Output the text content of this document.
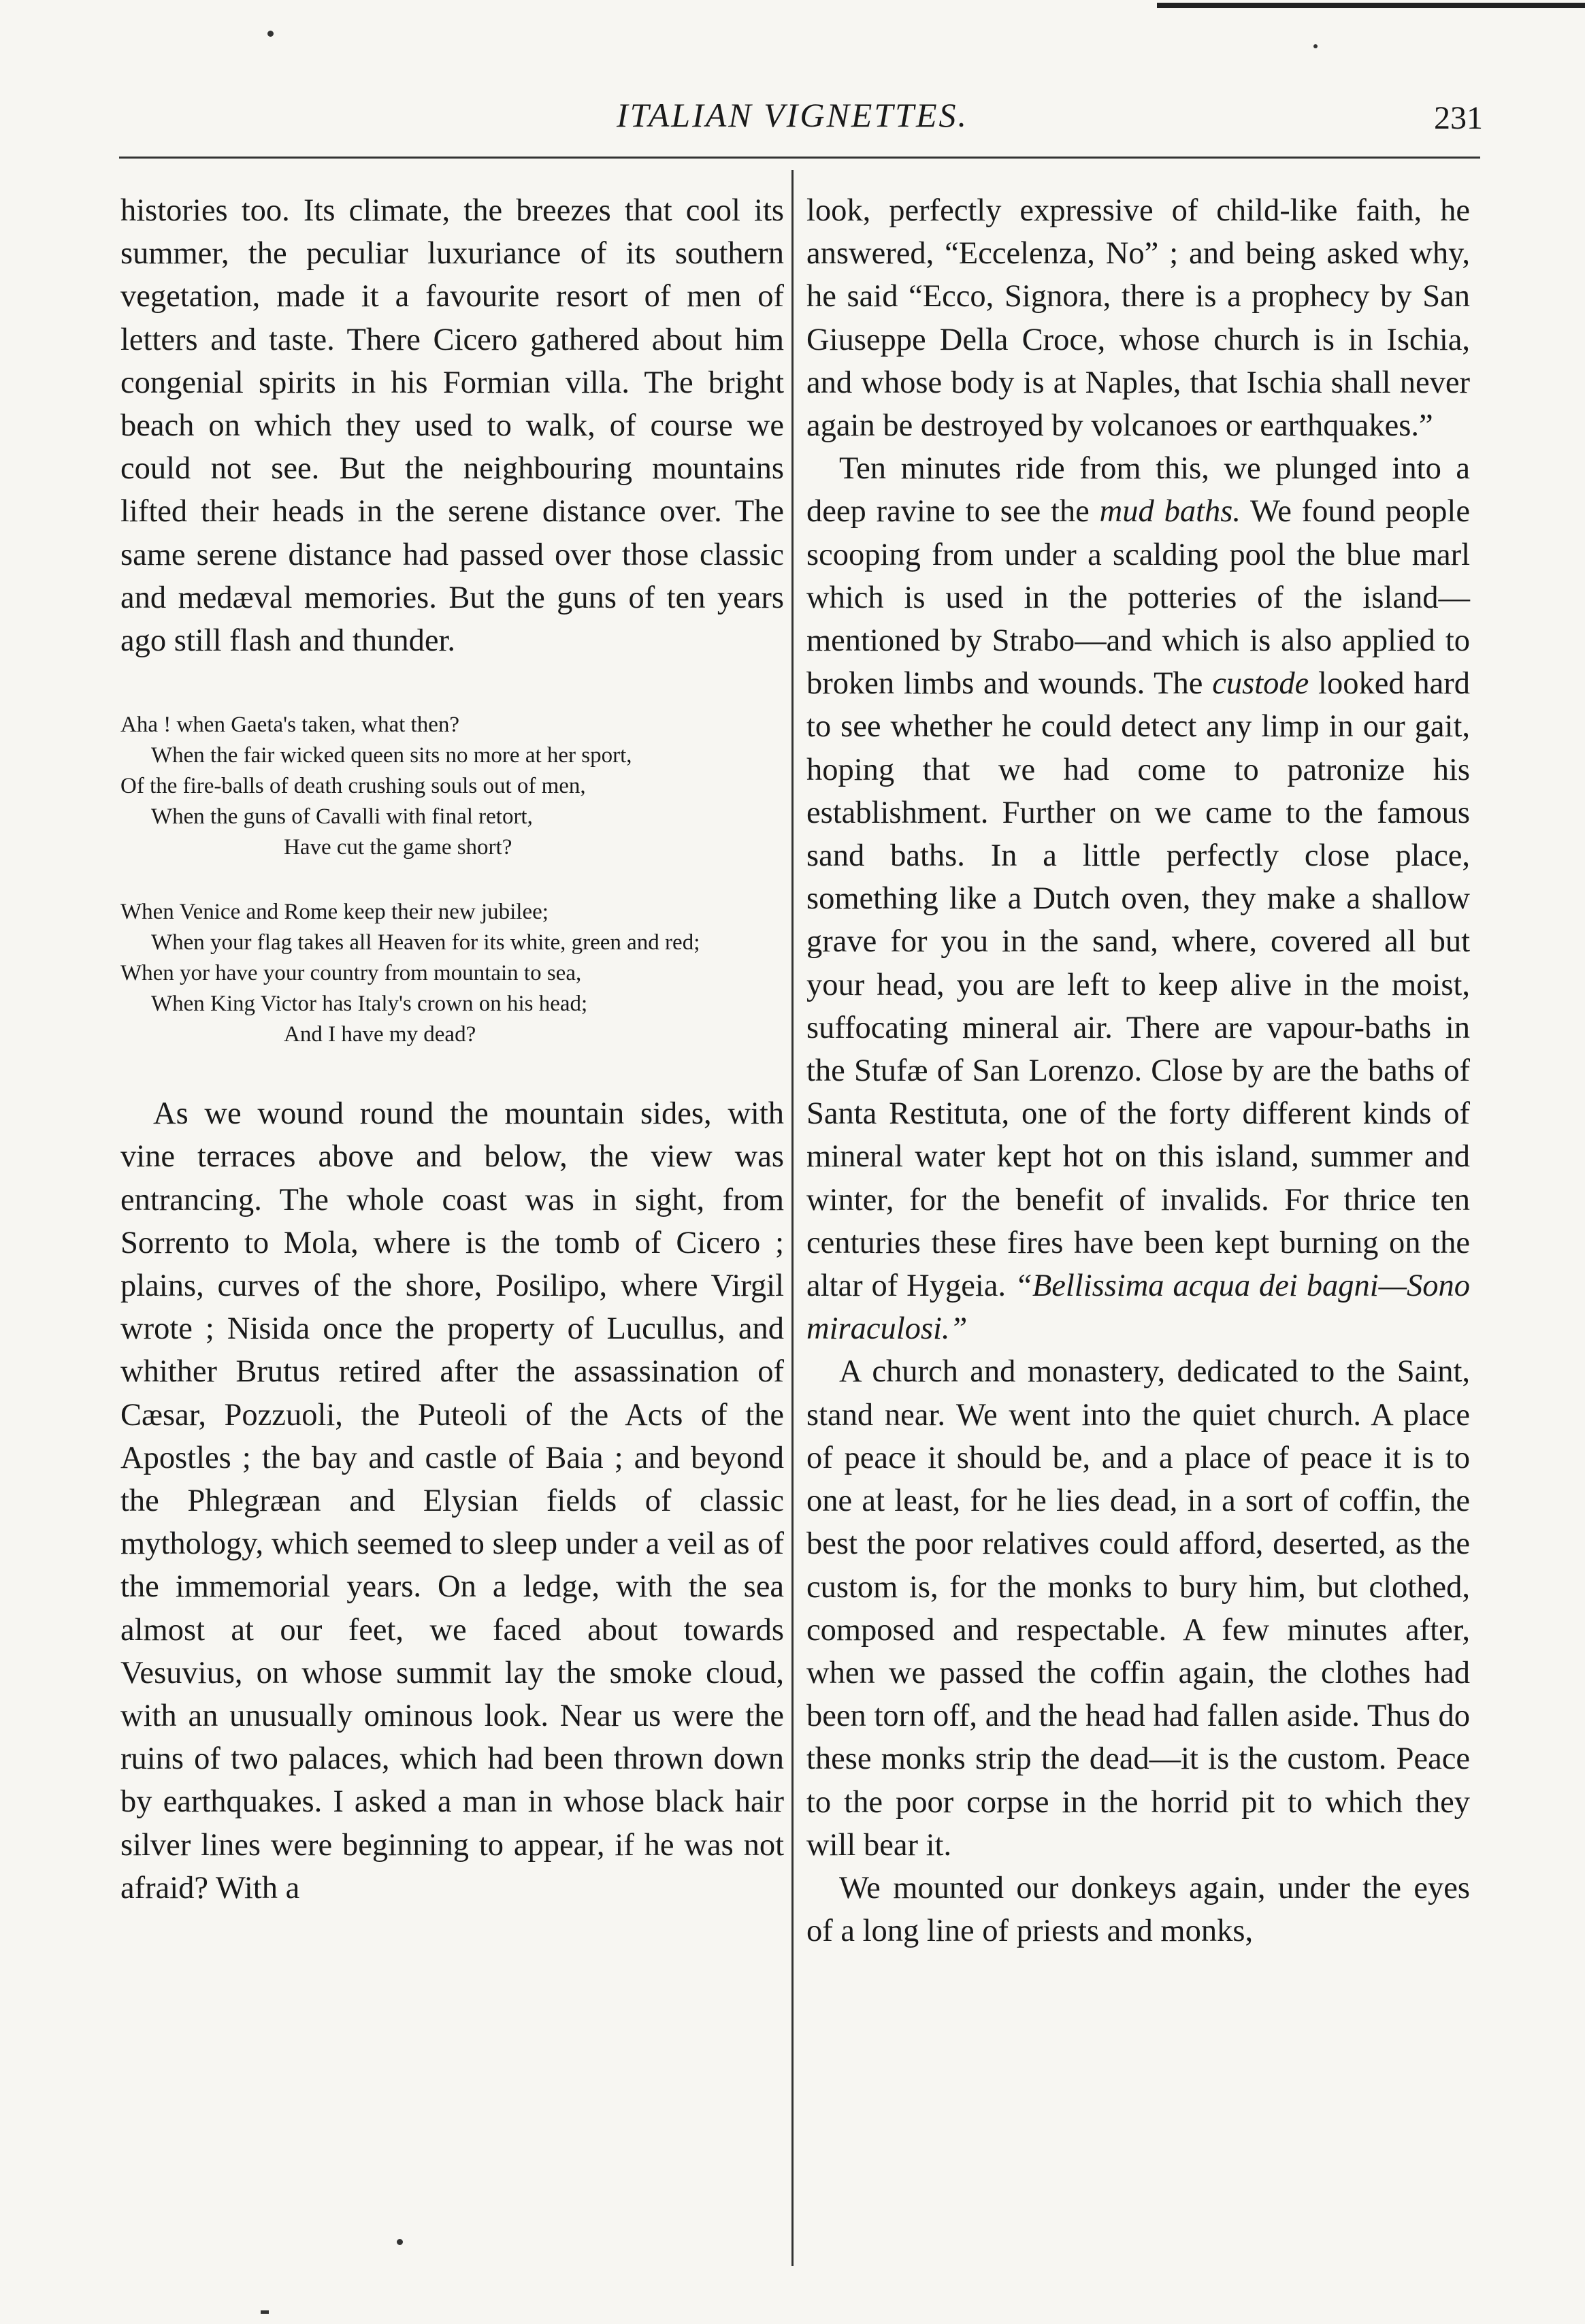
ITALIAN VIGNETTES.	231

histories too. Its climate, the breezes that cool its summer, the peculiar luxuriance of its southern vegetation, made it a favourite resort of men of letters and taste. There Cicero gathered about him congenial spirits in his Formian villa. The bright beach on which they used to walk, of course we could not see. But the neighbouring mountains lifted their heads in the serene distance over. The same serene distance had passed over those classic and medæval memories. But the guns of ten years ago still flash and thunder.

Aha ! when Gaeta's taken, what then?
When the fair wicked queen sits no more at her sport,
Of the fire-balls of death crushing souls out of men,
When the guns of Cavalli with final retort,
Have cut the game short?
When Venice and Rome keep their new jubilee;
When your flag takes all Heaven for its white, green and red;
When yor have your country from mountain to sea,
When King Victor has Italy's crown on his head;
And I have my dead?

As we wound round the mountain sides, with vine terraces above and below, the view was entrancing. The whole coast was in sight, from Sorrento to Mola, where is the tomb of Cicero ; plains, curves of the shore, Posilipo, where Virgil wrote ; Nisida once the property of Lucullus, and whither Brutus retired after the assassination of Cæsar, Pozzuoli, the Puteoli of the Acts of the Apostles ; the bay and castle of Baia ; and beyond the Phlegræan and Elysian fields of classic mythology, which seemed to sleep under a veil as of the immemorial years. On a ledge, with the sea almost at our feet, we faced about towards Vesuvius, on whose summit lay the smoke cloud, with an unusually ominous look. Near us were the ruins of two palaces, which had been thrown down by earthquakes. I asked a man in whose black hair silver lines were beginning to appear, if he was not afraid? With a

look, perfectly expressive of child-like faith, he answered, “Eccelenza, No” ; and being asked why, he said “Ecco, Signora, there is a prophecy by San Giuseppe Della Croce, whose church is in Ischia, and whose body is at Naples, that Ischia shall never again be destroyed by volcanoes or earthquakes.”

Ten minutes ride from this, we plunged into a deep ravine to see the mud baths. We found people scooping from under a scalding pool the blue marl which is used in the potteries of the island—mentioned by Strabo—and which is also applied to broken limbs and wounds. The custode looked hard to see whether he could detect any limp in our gait, hoping that we had come to patronize his establishment. Further on we came to the famous sand baths. In a little perfectly close place, something like a Dutch oven, they make a shallow grave for you in the sand, where, covered all but your head, you are left to keep alive in the moist, suffocating mineral air. There are vapour-baths in the Stufæ of San Lorenzo. Close by are the baths of Santa Restituta, one of the forty different kinds of mineral water kept hot on this island, summer and winter, for the benefit of invalids. For thrice ten centuries these fires have been kept burning on the altar of Hygeia. “Bellissima acqua dei bagni—Sono miraculosi.”

A church and monastery, dedicated to the Saint, stand near. We went into the quiet church. A place of peace it should be, and a place of peace it is to one at least, for he lies dead, in a sort of coffin, the best the poor relatives could afford, deserted, as the custom is, for the monks to bury him, but clothed, composed and respectable. A few minutes after, when we passed the coffin again, the clothes had been torn off, and the head had fallen aside. Thus do these monks strip the dead—it is the custom. Peace to the poor corpse in the horrid pit to which they will bear it.

We mounted our donkeys again, under the eyes of a long line of priests and monks,
